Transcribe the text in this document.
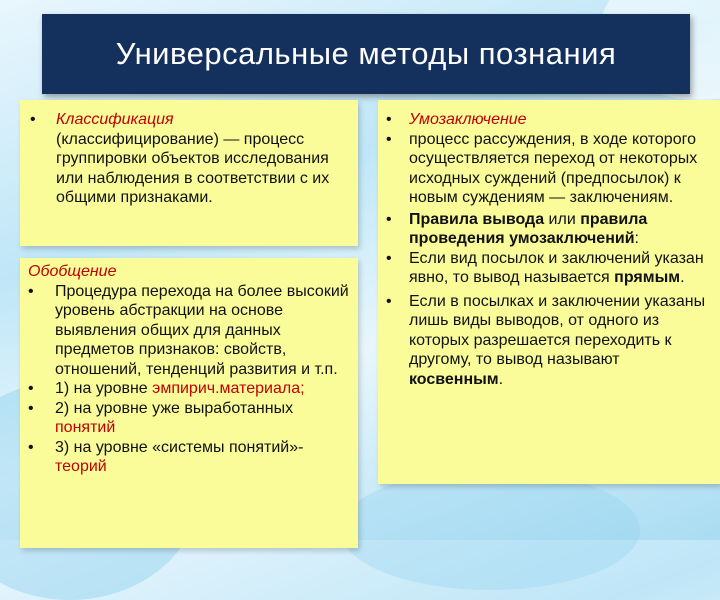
Универсальные методы познания
• Классификация
(классифицирование) — процесс группировки объектов исследования или наблюдения в соответствии с их общими признаками.
Обобщение
• Процедура перехода на более высокий уровень абстракции на основе выявления общих для данных предметов признаков: свойств, отношений, тенденций развития и т.п.
• 1) на уровне эмпирич.материала;
• 2) на уровне уже выработанных понятий
• 3) на уровне «системы понятий»-теорий
• Умозаключение
• процесс рассуждения, в ходе которого осуществляется переход от некоторых исходных суждений (предпосылок) к новым суждениям — заключениям.
• Правила вывода или правила проведения умозаключений:
• Если вид посылок и заключений указан явно, то вывод называется прямым.
• Если в посылках и заключении указаны лишь виды выводов, от одного из которых разрешается переходить к другому, то вывод называют косвенным.
